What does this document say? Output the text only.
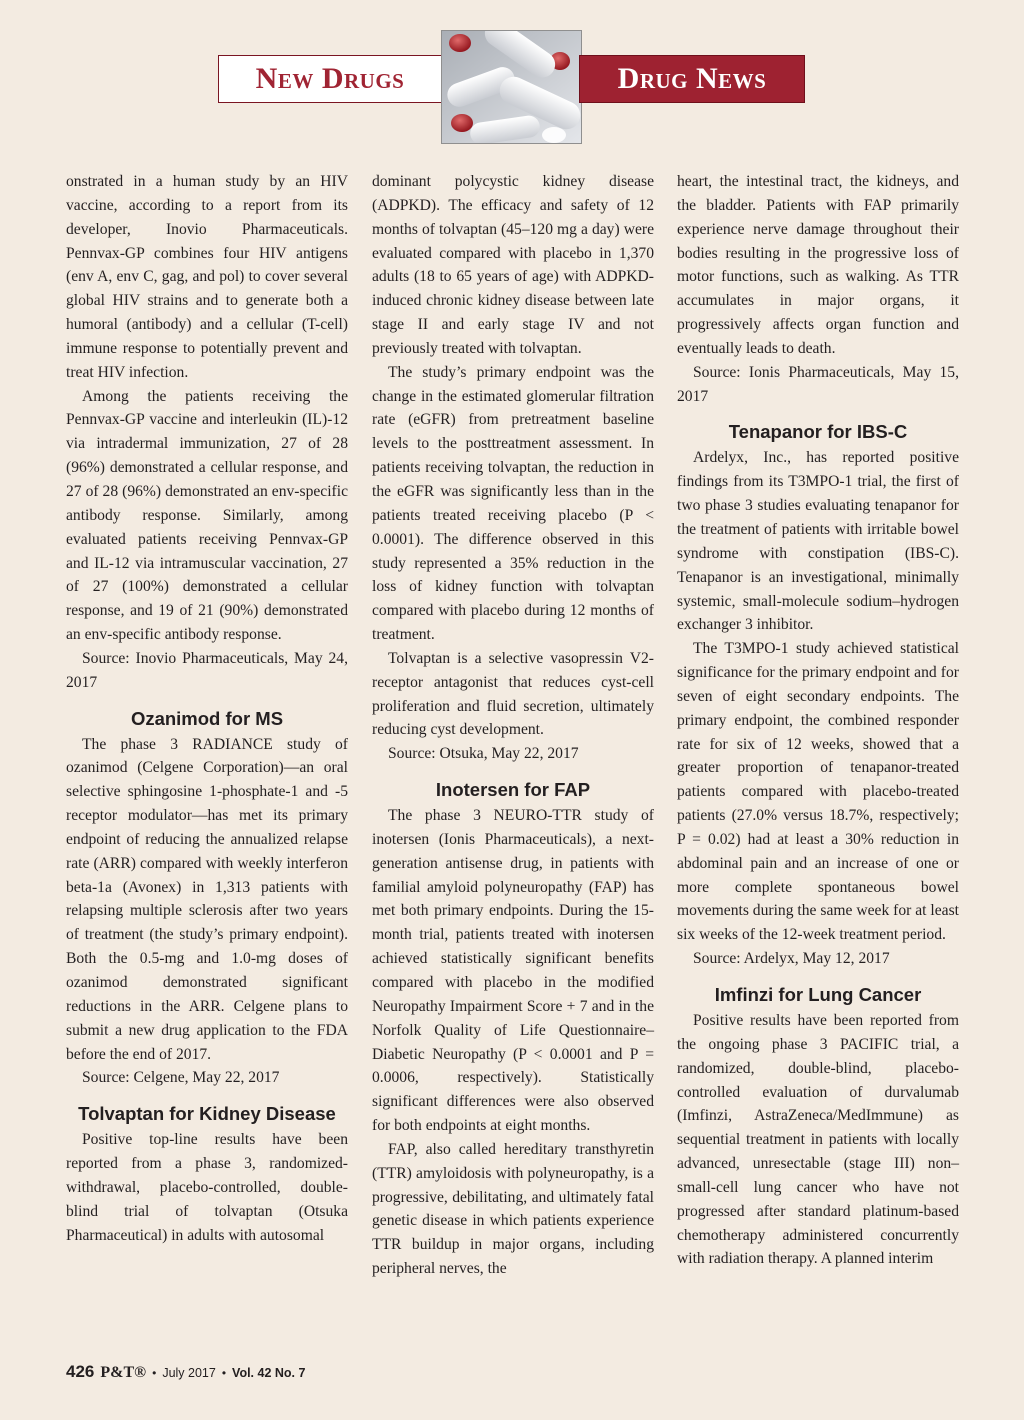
New Drugs	Drug News

onstrated in a human study by an HIV vaccine, according to a report from its developer, Inovio Pharmaceuticals. Pennvax-GP combines four HIV antigens (env A, env C, gag, and pol) to cover several global HIV strains and to generate both a humoral (antibody) and a cellular (T-cell) immune response to potentially prevent and treat HIV infection.

Among the patients receiving the Pennvax-GP vaccine and interleukin (IL)-12 via intradermal immunization, 27 of 28 (96%) demonstrated a cellular response, and 27 of 28 (96%) demonstrated an env-specific antibody response. Similarly, among evaluated patients receiving Pennvax-GP and IL-12 via intramuscular vaccination, 27 of 27 (100%) demonstrated a cellular response, and 19 of 21 (90%) demonstrated an env-specific antibody response.

Source: Inovio Pharmaceuticals, May 24, 2017

Ozanimod for MS

The phase 3 RADIANCE study of ozanimod (Celgene Corporation)—an oral selective sphingosine 1-phosphate-1 and -5 receptor modulator—has met its primary endpoint of reducing the annualized relapse rate (ARR) compared with weekly interferon beta-1a (Avonex) in 1,313 patients with relapsing multiple sclerosis after two years of treatment (the study’s primary endpoint). Both the 0.5-mg and 1.0-mg doses of ozanimod demonstrated significant reductions in the ARR. Celgene plans to submit a new drug application to the FDA before the end of 2017.

Source: Celgene, May 22, 2017

Tolvaptan for Kidney Disease

Positive top-line results have been reported from a phase 3, randomized-withdrawal, placebo-controlled, double-blind trial of tolvaptan (Otsuka Pharmaceutical) in adults with autosomal

dominant polycystic kidney disease (ADPKD). The efficacy and safety of 12 months of tolvaptan (45–120 mg a day) were evaluated compared with placebo in 1,370 adults (18 to 65 years of age) with ADPKD-induced chronic kidney disease between late stage II and early stage IV and not previously treated with tolvaptan.

The study’s primary endpoint was the change in the estimated glomerular filtration rate (eGFR) from pretreatment baseline levels to the posttreatment assessment. In patients receiving tolvaptan, the reduction in the eGFR was significantly less than in the patients treated receiving placebo (P < 0.0001). The difference observed in this study represented a 35% reduction in the loss of kidney function with tolvaptan compared with placebo during 12 months of treatment.

Tolvaptan is a selective vasopressin V2-receptor antagonist that reduces cyst-cell proliferation and fluid secretion, ultimately reducing cyst development.

Source: Otsuka, May 22, 2017

Inotersen for FAP

The phase 3 NEURO-TTR study of inotersen (Ionis Pharmaceuticals), a next-generation antisense drug, in patients with familial amyloid polyneuropathy (FAP) has met both primary endpoints. During the 15-month trial, patients treated with inotersen achieved statistically significant benefits compared with placebo in the modified Neuropathy Impairment Score + 7 and in the Norfolk Quality of Life Questionnaire–Diabetic Neuropathy (P < 0.0001 and P = 0.0006, respectively). Statistically significant differences were also observed for both endpoints at eight months.

FAP, also called hereditary transthyretin (TTR) amyloidosis with polyneuropathy, is a progressive, debilitating, and ultimately fatal genetic disease in which patients experience TTR buildup in major organs, including peripheral nerves, the

heart, the intestinal tract, the kidneys, and the bladder. Patients with FAP primarily experience nerve damage throughout their bodies resulting in the progressive loss of motor functions, such as walking. As TTR accumulates in major organs, it progressively affects organ function and eventually leads to death.

Source: Ionis Pharmaceuticals, May 15, 2017

Tenapanor for IBS-C

Ardelyx, Inc., has reported positive findings from its T3MPO-1 trial, the first of two phase 3 studies evaluating tenapanor for the treatment of patients with irritable bowel syndrome with constipation (IBS-C). Tenapanor is an investigational, minimally systemic, small-molecule sodium–hydrogen exchanger 3 inhibitor.

The T3MPO-1 study achieved statistical significance for the primary endpoint and for seven of eight secondary endpoints. The primary endpoint, the combined responder rate for six of 12 weeks, showed that a greater proportion of tenapanor-treated patients compared with placebo-treated patients (27.0% versus 18.7%, respectively; P = 0.02) had at least a 30% reduction in abdominal pain and an increase of one or more complete spontaneous bowel movements during the same week for at least six weeks of the 12-week treatment period.

Source: Ardelyx, May 12, 2017

Imfinzi for Lung Cancer

Positive results have been reported from the ongoing phase 3 PACIFIC trial, a randomized, double-blind, placebo-controlled evaluation of durvalumab (Imfinzi, AstraZeneca/MedImmune) as sequential treatment in patients with locally advanced, unresectable (stage III) non–small-cell lung cancer who have not progressed after standard platinum-based chemotherapy administered concurrently with radiation therapy. A planned interim

426 P&T® • July 2017 • Vol. 42 No. 7
